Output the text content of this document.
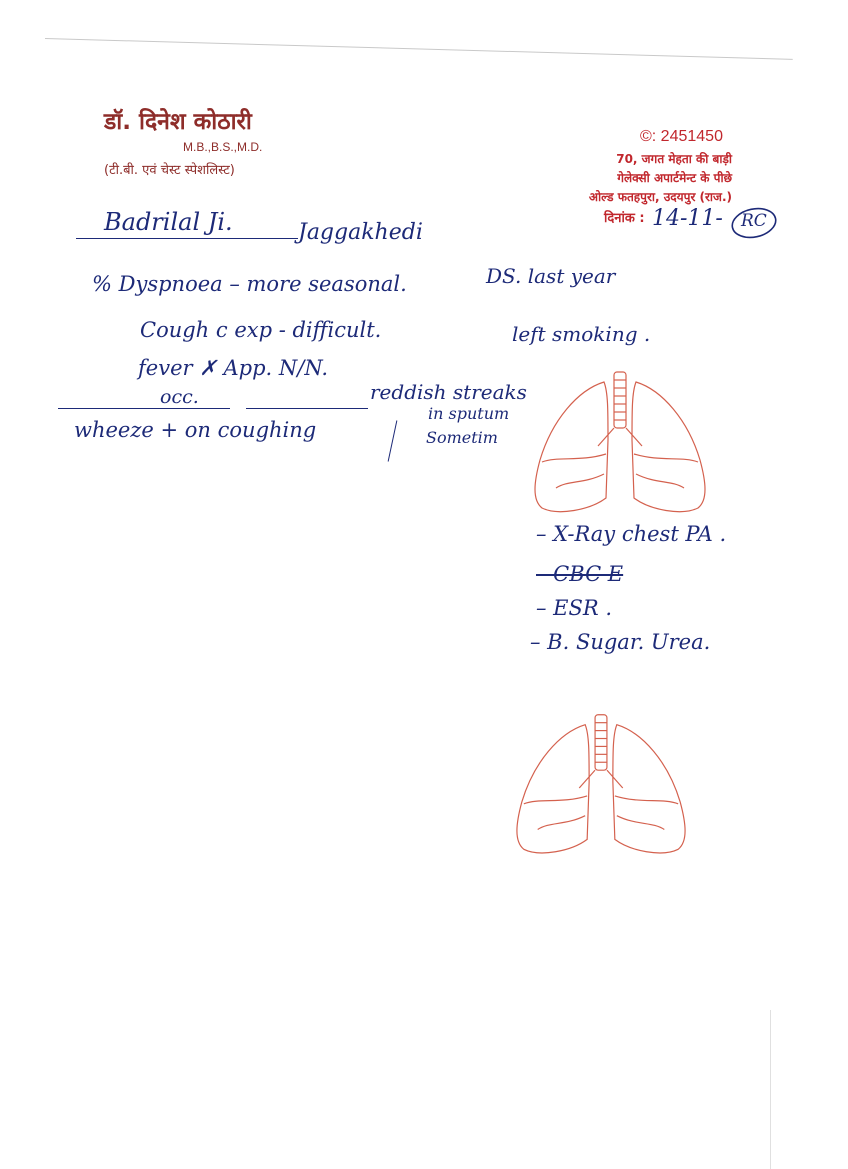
डॉ. दिनेश कोठारी
M.B.,B.S.,M.D.
(टी.बी. एवं चेस्ट स्पेशलिस्ट)
©: 2451450
70, जगत मेहता की बाड़ी
गेलेक्सी अपार्टमेन्ट के पीछे
ओल्ड फतहपुरा, उदयपुर (राज.)
दिनांक : 14-11- RC
Badrilal Ji.	Jaggakhedi
% Dyspnoea – more seasonal.
Cough c exp - difficult.
fever ✗ App. N/N.
occ.	reddish streaks
in sputum
wheeze + on coughing	Sometim
DS. last year
left smoking .
– X-Ray chest PA .
– CBC E
– ESR .
– B. Sugar. Urea.
